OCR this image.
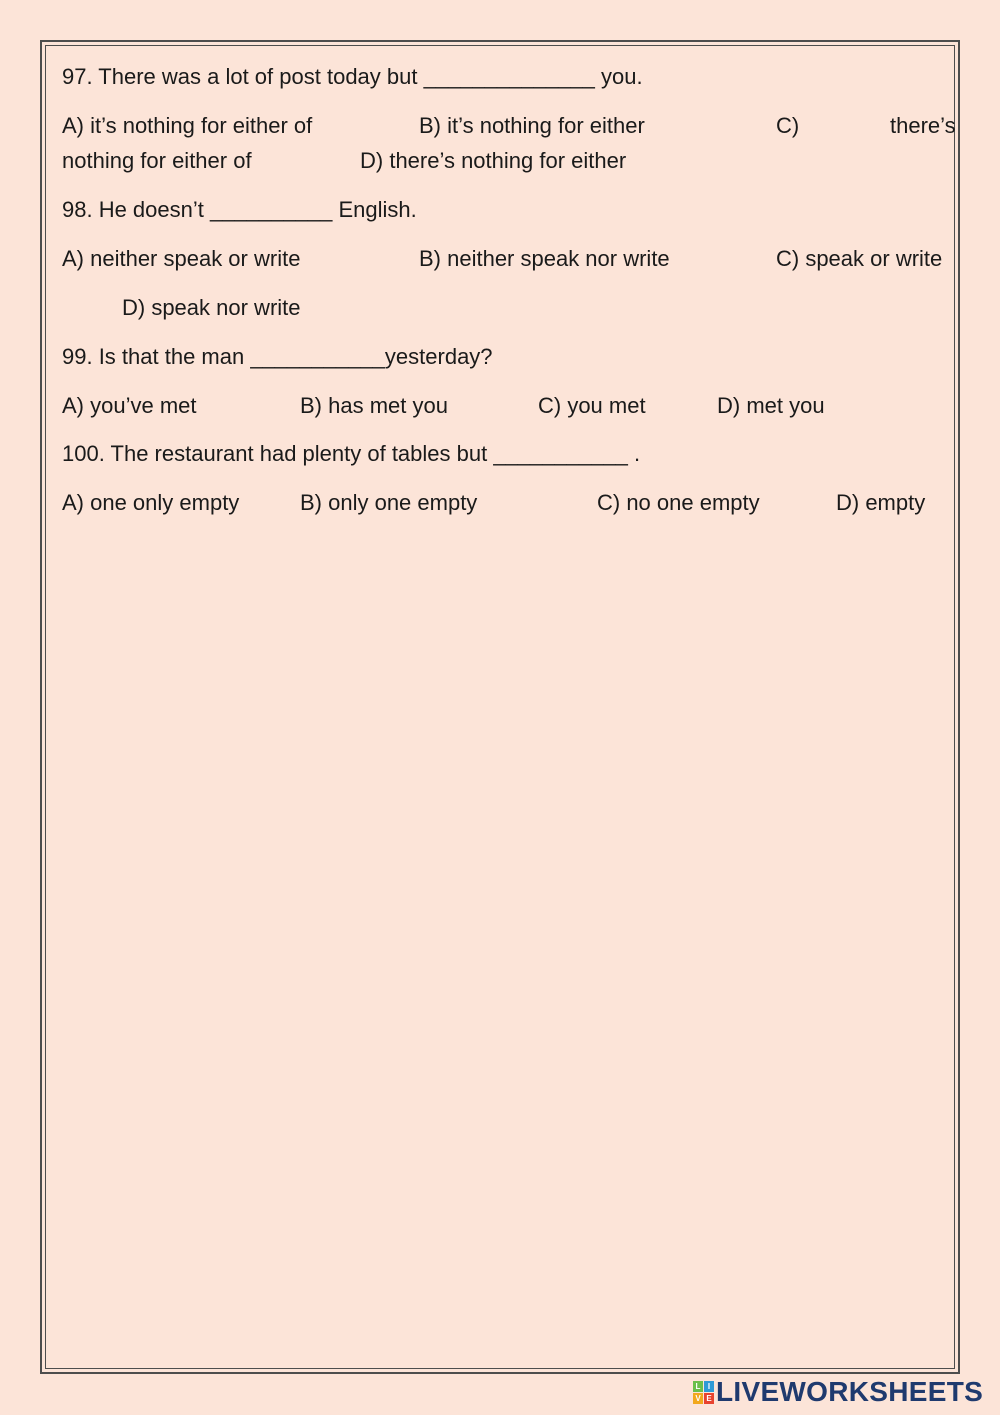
97. There was a lot of post today but ______________ you.
A) it’s nothing for either of	B) it’s nothing for either	C)	there’s
nothing for either of	D) there’s nothing for either
98. He doesn’t __________ English.
A) neither speak or write	B) neither speak nor write	C) speak or write
D) speak nor write
99. Is that the man ___________yesterday?
A) you’ve met	B) has met you	C) you met	D) met you
100. The restaurant had plenty of tables but ___________ .
A) one only empty	B) only one empty	C) no one empty	D) empty
L I
V E LIVEWORKSHEETS
